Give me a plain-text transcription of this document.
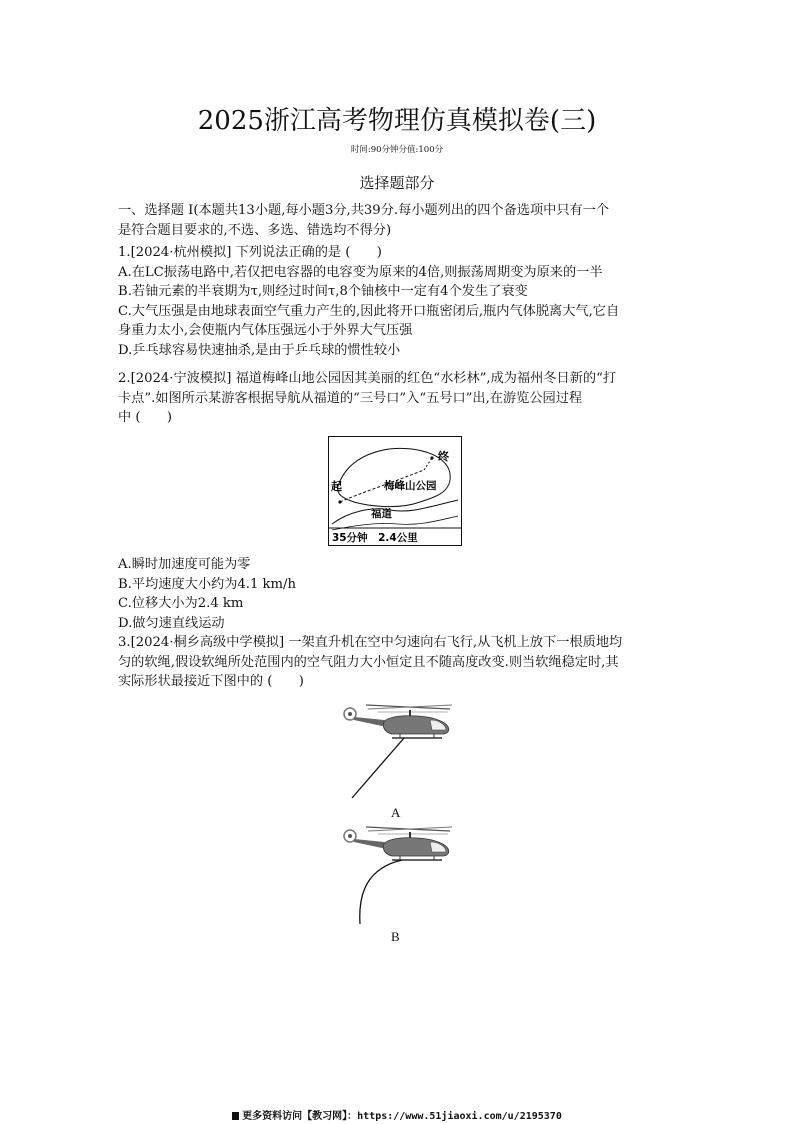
2025浙江高考物理仿真模拟卷(三)
时间:90分钟分值:100分
选择题部分
一、选择题 Ⅰ(本题共13小题,每小题3分,共39分.每小题列出的四个备选项中只有一个
是符合题目要求的,不选、多选、错选均不得分)
1.[2024·杭州模拟] 下列说法正确的是 (　　)
A.在LC振荡电路中,若仅把电容器的电容变为原来的4倍,则振荡周期变为原来的一半
B.若铀元素的半衰期为τ,则经过时间τ,8个铀核中一定有4个发生了衰变
C.大气压强是由地球表面空气重力产生的,因此将开口瓶密闭后,瓶内气体脱离大气,它自
身重力太小,会使瓶内气体压强远小于外界大气压强
D.乒乓球容易快速抽杀,是由于乒乓球的惯性较小
2.[2024·宁波模拟] 福道梅峰山地公园因其美丽的红色“水杉林”,成为福州冬日新的“打
卡点”.如图所示某游客根据导航从福道的“三号口”入“五号口”出,在游览公园过程
中 (　　)
起
终
梅峰山公园
福道
35分钟　2.4公里
A.瞬时加速度可能为零
B.平均速度大小约为4.1 km/h
C.位移大小为2.4 km
D.做匀速直线运动
3.[2024·桐乡高级中学模拟] 一架直升机在空中匀速向右飞行,从飞机上放下一根质地均
匀的软绳,假设软绳所处范围内的空气阻力大小恒定且不随高度改变.则当软绳稳定时,其
实际形状最接近下图中的 (　　)
A
B
更多资料访问【教习网】：https://www.51jiaoxi.com/u/2195370
